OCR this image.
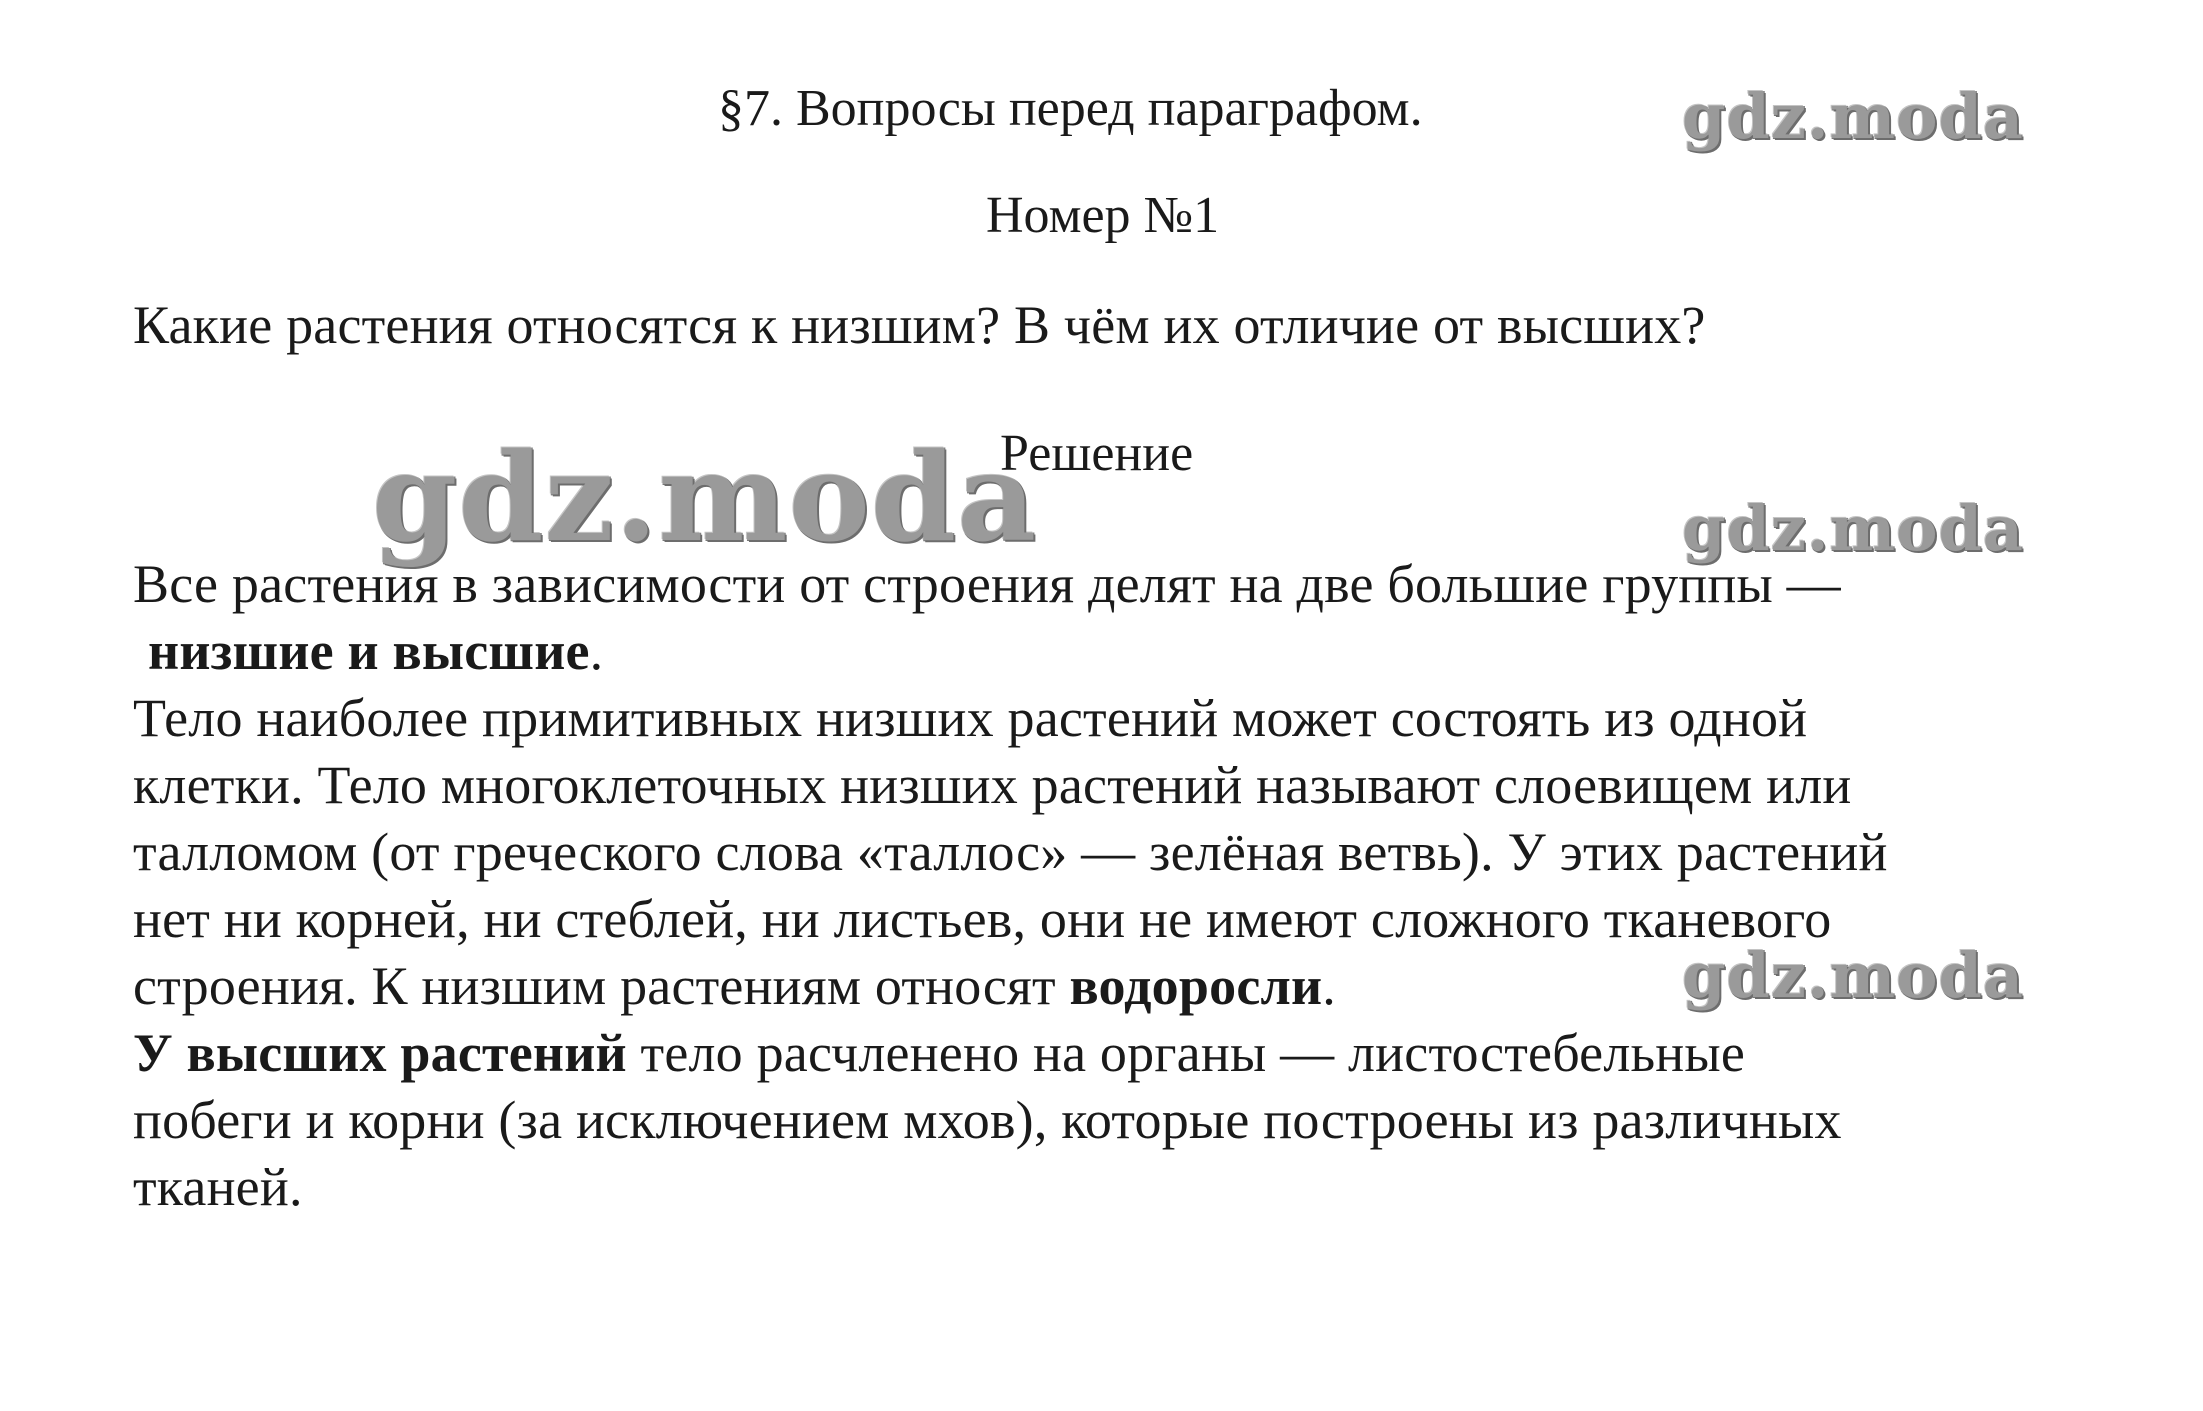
§7. Вопросы перед параграфом.
Номер №1
Какие растения относятся к низшим? В чём их отличие от высших?
Решение
gdz.moda
gdz.moda	gdz.moda
gdz.moda
Все растения в зависимости от строения делят на две большие группы —
низшие и высшие.
Тело наиболее примитивных низших растений может состоять из одной
клетки. Тело многоклеточных низших растений называют слоевищем или
талломом (от греческого слова «таллос» — зелёная ветвь). У этих растений
нет ни корней, ни стеблей, ни листьев, они не имеют сложного тканевого
строения. К низшим растениям относят водоросли.
У высших растений тело расчленено на органы — листостебельные
побеги и корни (за исключением мхов), которые построены из различных
тканей.
